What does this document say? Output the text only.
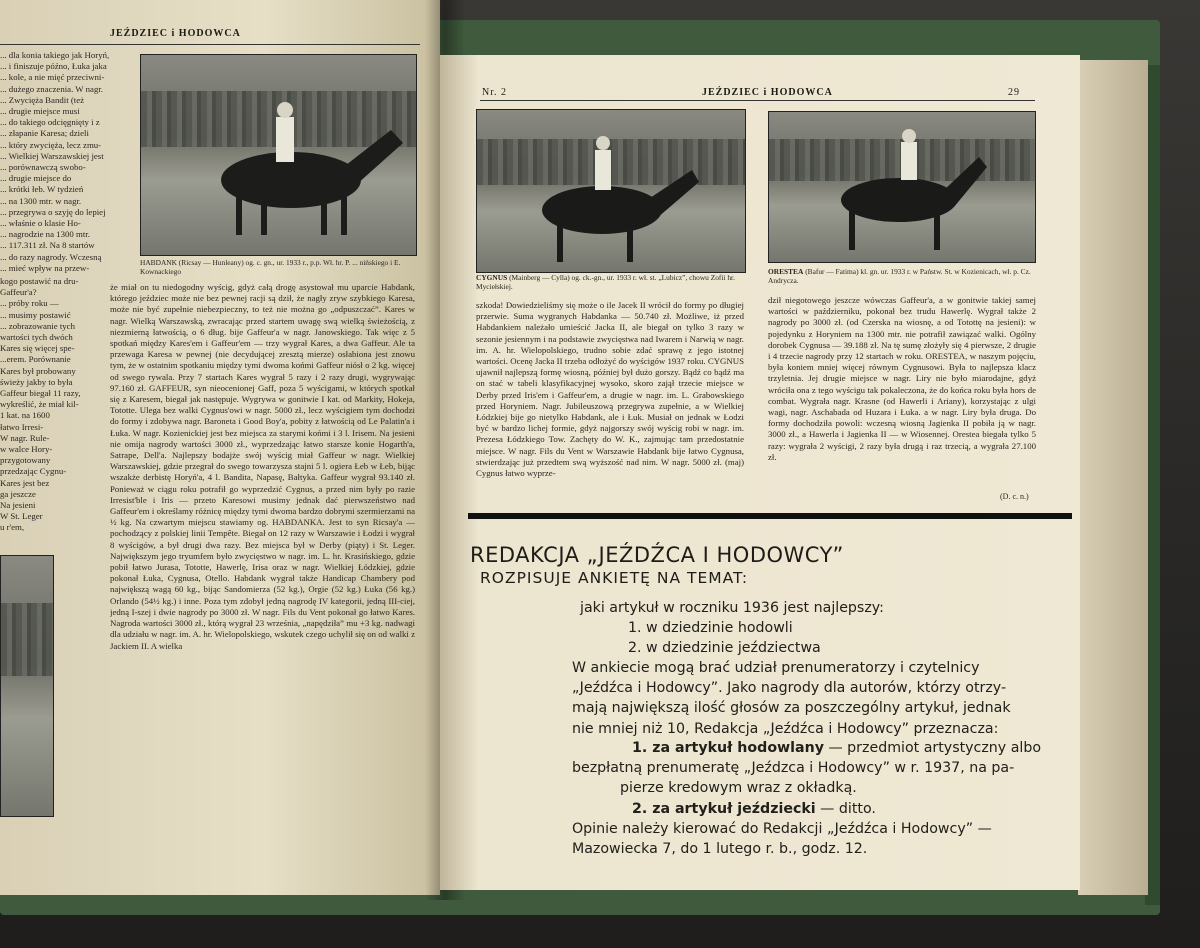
JEŹDZIEC i HODOWCA
HABDANK (Ricsay — Hunleany) og. c. gn., ur. 1933 r., p.p. Wł. hr. P. ... nińskiego i E. Kownackiego

... dla konia takiego jak Horyń,

... i finiszuje późno, Łuka jaka

... kole, a nie mięć przeciwni-

... dużego znaczenia. W nagr.

... Zwycięża Bandit (też

... drugie miejsce musi

... do takiego odcięgnięty i z

... złapanie Karesa; dzieli

... który zwycięża, lecz zmu-

... Wielkiej Warszawskiej jest

... porównawczą swobo-

... drugie miejsce do

... krótki łeb. W tydzień

... na 1300 mtr. w nagr.

... przegrywa o szyję do lepiej

... właśnie o klasie Ho-

... nagrodzie na 1300 mtr.

... 117.311 zł. Na 8 startów

... do razy nagrody. Wczesną

... mieć wpływ na przew-

kogo postawić na dru-

Gaffeur'a?

... próby roku —

... musimy postawić

... zobrazowanie tych

wartości tych dwóch

Kares się więcej spe-

...erem. Porównanie

Kares był probowany

świeży jakby to była

Gaffeur biegał 11 razy,

wykreślić, że miał kil-

1 kat. na 1600

łatwo Irresi-

W nagr. Rule-

w walce Hory-

przygotowany

przedzając Cygnu-

Kares jest bez

ga jeszcze

Na jesieni

W St. Leger

u r'em,

że miał on tu niedogodny wyścig, gdyż całą drogę asystował mu uparcie Habdank, którego jeździec może nie bez pewnej racji są dził, że nagły zryw szybkiego Karesa, może nie być zupełnie niebezpieczny, to też nie można go „odpuszczać”. Kares w nagr. Wielką Warszawską, zwracając przed startem uwagę swą wielką świeżością, z niezmierną łatwością, o 6 dług. bije Gaffeur'a w nagr. Janowskiego. Tak więc z 5 spotkań między Kares'em i Gaffeur'em — trzy wygrał Kares, a dwa Gaffeur. Ale ta przewaga Karesa w pewnej (nie decydującej zresztą mierze) osłabiona jest znowu tym, że w ostatnim spotkaniu między tymi dwoma końmi Gaffeur niósł o 2 kg. więcej od swego rywala. Przy 7 startach Kares wygrał 5 razy i 2 razy drugi, wygrywając 97.160 zł. GAFFEUR, syn nieocenionej Gaff, poza 5 wyścigami, w których spotkał się z Karesem, biegał jak następuje. Wygrywa w gonitwie I kat. od Markity, Hokeja, Tototte. Ulega bez walki Cygnus'owi w nagr. 5000 zł., lecz wyścigiem tym dochodzi do formy i zdobywa nagr. Baroneta i Good Boy'a, pobity z łatwością od Le Palatin'a i Łuka. W nagr. Kozienickiej jest bez miejsca za starymi końmi i 3 l. Irisem. Na jesieni nie omija nagrody wartości 3000 zł., wyprzedzając łatwo starsze konie Hogarth'a, Satrape, Dell'a. Najlepszy bodajże swój wyścig miał Gaffeur w nagr. Wielkiej Warszawskiej, gdzie przegrał do swego towarzysza stajni 5 l. ogiera Łeb w Łeb, bijąc wszakże derbistę Horyń'a, 4 l. Bandita, Napasę, Bałtyka. Gaffeur wygrał 93.140 zł. Ponieważ w ciągu roku potrafił go wyprzedzić Cygnus, a przed nim były po razie Irresist'ble i Iris — przeto Karesowi musimy jednak dać pierwszeństwo nad Gaffeur'em i określamy różnicę między tymi dwoma bardzo dobrymi szermierzami na ½ kg. Na czwartym miejscu stawiamy og. HABDANKA. Jest to syn Ricsay'a — pochodzący z polskiej linii Tempête. Biegał on 12 razy w Warszawie i Łodzi i wygrał 8 wyścigów, a był drugi dwa razy. Bez miejsca był w Derby (piąty) i St. Leger. Największym jego tryumfem było zwycięstwo w nagr. im. L. hr. Krasińskiego, gdzie pobił łatwo Jurasa, Tototte, Hawerlę, Irisa oraz w nagr. Wielkiej Łódzkiej, gdzie pokonał Łuka, Cygnusa, Otello. Habdank wygrał także Handicap Chambery pod największą wagą 60 kg., bijąc Sandomierza (52 kg.), Orgie (52 kg.) Łuka (56 kg.) Orlando (54½ kg.) i inne. Poza tym zdobył jedną nagrodę IV kategorii, jedną III-ciej, jedną I-szej i dwie nagrody po 3000 zł. W nagr. Fils du Vent pokonał go łatwo Kares. Nagroda wartości 3000 zł., którą wygrał 23 września, „napędziła” mu +3 kg. nadwagi dla udziału w nagr. im. A. hr. Wielopolskiego, wskutek czego uchylił się on od walki z Jackiem II. A wielka
Nr. 2	JEŹDZIEC i HODOWCA	29
CYGNUS (Mainberg — Cylla) og. ck.-gn., ur. 1933 r. wł. st. „Lubicz”, chowu Zofii hr. Myciełskiej.
ORESTEA (Bafur — Fatima) kl. gn. ur. 1933 r. w Państw. St. w Kozienicach, wł. p. Cz. Andrycza.
szkoda! Dowiedzieliśmy się może o ile Jacek II wrócił do formy po długiej przerwie. Suma wygranych Habdanka — 50.740 zł. Możliwe, iż przed Habdankiem należało umieścić Jacka II, ale biegał on tylko 3 razy w sezonie jesiennym i na podstawie zwycięstwa nad Iwarem i Narwią w nagr. im. A. hr. Wielopolskiego, trudno sobie zdać sprawę z jego istotnej wartości. Ocenę Jacka II trzeba odłożyć do wyścigów 1937 roku. CYGNUS ujawnił najlepszą formę wiosną, później był dużo gorszy. Bądź co bądź ma on stać w tabeli klasyfikacyjnej wysoko, skoro zajął trzecie miejsce w Derby przed Iris'em i Gaffeur'em, a drugie w nagr. im. L. Grabowskiego przed Horyniem. Nagr. Jubileuszową przegrywa zupełnie, a w Wielkiej Łódzkiej bije go nietylko Habdank, ale i Łuk. Musiał on jednak w Łodzi być w bardzo lichej formie, gdyż najgorszy swój wyścig robi w nagr. im. Prezesa Łódzkiego Tow. Zachęty do W. K., zajmując tam przedostatnie miejsce. W nagr. Fils du Vent w Warszawie Habdank bije łatwo Cygnusa, stwierdzając już przedtem swą wyższość nad nim. W nagr. 5000 zł. (maj) Cygnus łatwo wyprze-
dził niegotowego jeszcze wówczas Gaffeur'a, a w gonitwie takiej samej wartości w październiku, pokonał bez trudu Hawerlę. Wygrał także 2 nagrody po 3000 zł. (od Czerska na wiosnę, a od Totottę na jesieni): w pojedynku z Horyniem na 1300 mtr. nie potrafił zawiązać walki. Ogólny dorobek Cygnusa — 39.188 zł. Na tę sumę złożyły się 4 pierwsze, 2 drugie i 4 trzecie nagrody przy 12 startach w roku. ORESTEA, w naszym pojęciu, była koniem mniej więcej równym Cygnusowi. Była to najlepsza klacz trzyletnia. Jej drugie miejsce w nagr. Liry nie było miarodajne, gdyż wróciła ona z tego wyścigu tak pokaleczona, że do końca roku była hors de combat. Wygrała nagr. Krasne (od Hawerli i Ariany), korzystając z ulgi wagi, nagr. Aschabada od Huzara i Łuka. a w nagr. Liry była druga. Do formy dochodziła powoli: wczesną wiosną Jagienka II pobiła ją w nagr. 3000 zł., a Hawerla i Jagienka II — w Wiosennej. Orestea biegała tylko 5 razy: wygrała 2 wyścigi, 2 razy była drugą i raz trzecią, a wygrała 27.100 zł.
(D. c. n.)
REDAKCJA „JEŹDŹCA I HODOWCY”
ROZPISUJE ANKIETĘ NA TEMAT:
jaki artykuł w roczniku 1936 jest najlepszy:
1. w dziedzinie hodowli
2. w dziedzinie jeździectwa
W ankiecie mogą brać udział prenumeratorzy i czytelnicy
„Jeźdźca i Hodowcy”. Jako nagrody dla autorów, którzy otrzy-
mają największą ilość głosów za poszczególny artykuł, jednak
nie mniej niż 10, Redakcja „Jeźdźca i Hodowcy” przeznacza:
1. za artykuł hodowlany — przedmiot artystyczny albo
bezpłatną prenumeratę „Jeźdzca i Hodowcy” w r. 1937, na pa-
pierze kredowym wraz z okładką.
2. za artykuł jeździecki — ditto.
Opinie należy kierować do Redakcji „Jeźdźca i Hodowcy” —
Mazowiecka 7, do 1 lutego r. b., godz. 12.
